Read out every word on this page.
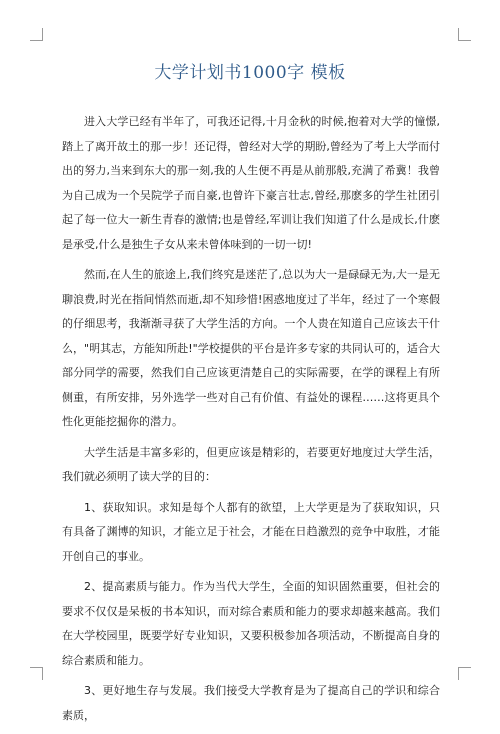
大学计划书1000字 模板

进入大学已经有半年了，可我还记得,十月金秋的时候,抱着对大学的憧憬,踏上了离开故土的那一步！还记得，曾经对大学的期盼,曾经为了考上大学而付出的努力,当来到东大的那一刻,我的人生便不再是从前那般,充满了希冀！我曾为自己成为一个吴院学子而自豪,也曾许下豪言壮志,曾经,那麽多的学生社团引起了每一位大一新生青春的激情;也是曾经,军训让我们知道了什么是成长,什麽是承受,什么是独生子女从来未曾体味到的一切一切!

然而,在人生的旅途上,我们终究是迷茫了,总以为大一是碌碌无为,大一是无聊浪费,时光在指间悄然而逝,却不知珍惜!困惑地度过了半年，经过了一个寒假的仔细思考，我渐渐寻获了大学生活的方向。一个人贵在知道自己应该去干什么，"明其志，方能知所赴!"学校提供的平台是许多专家的共同认可的，适合大部分同学的需要，然我们自己应该更清楚自己的实际需要，在学的课程上有所侧重，有所安排，另外选学一些对自己有价值、有益处的课程……这将更具个性化更能挖掘你的潜力。

大学生活是丰富多彩的，但更应该是精彩的，若要更好地度过大学生活，我们就必须明了读大学的目的：

1、获取知识。求知是每个人都有的欲望，上大学更是为了获取知识，只有具备了渊博的知识，才能立足于社会，才能在日趋激烈的竞争中取胜，才能开创自己的事业。

2、提高素质与能力。作为当代大学生，全面的知识固然重要，但社会的要求不仅仅是呆板的书本知识，而对综合素质和能力的要求却越来越高。我们在大学校园里，既要学好专业知识，又要积极参加各项活动，不断提高自身的综合素质和能力。

3、更好地生存与发展。我们接受大学教育是为了提高自己的学识和综合素质，
